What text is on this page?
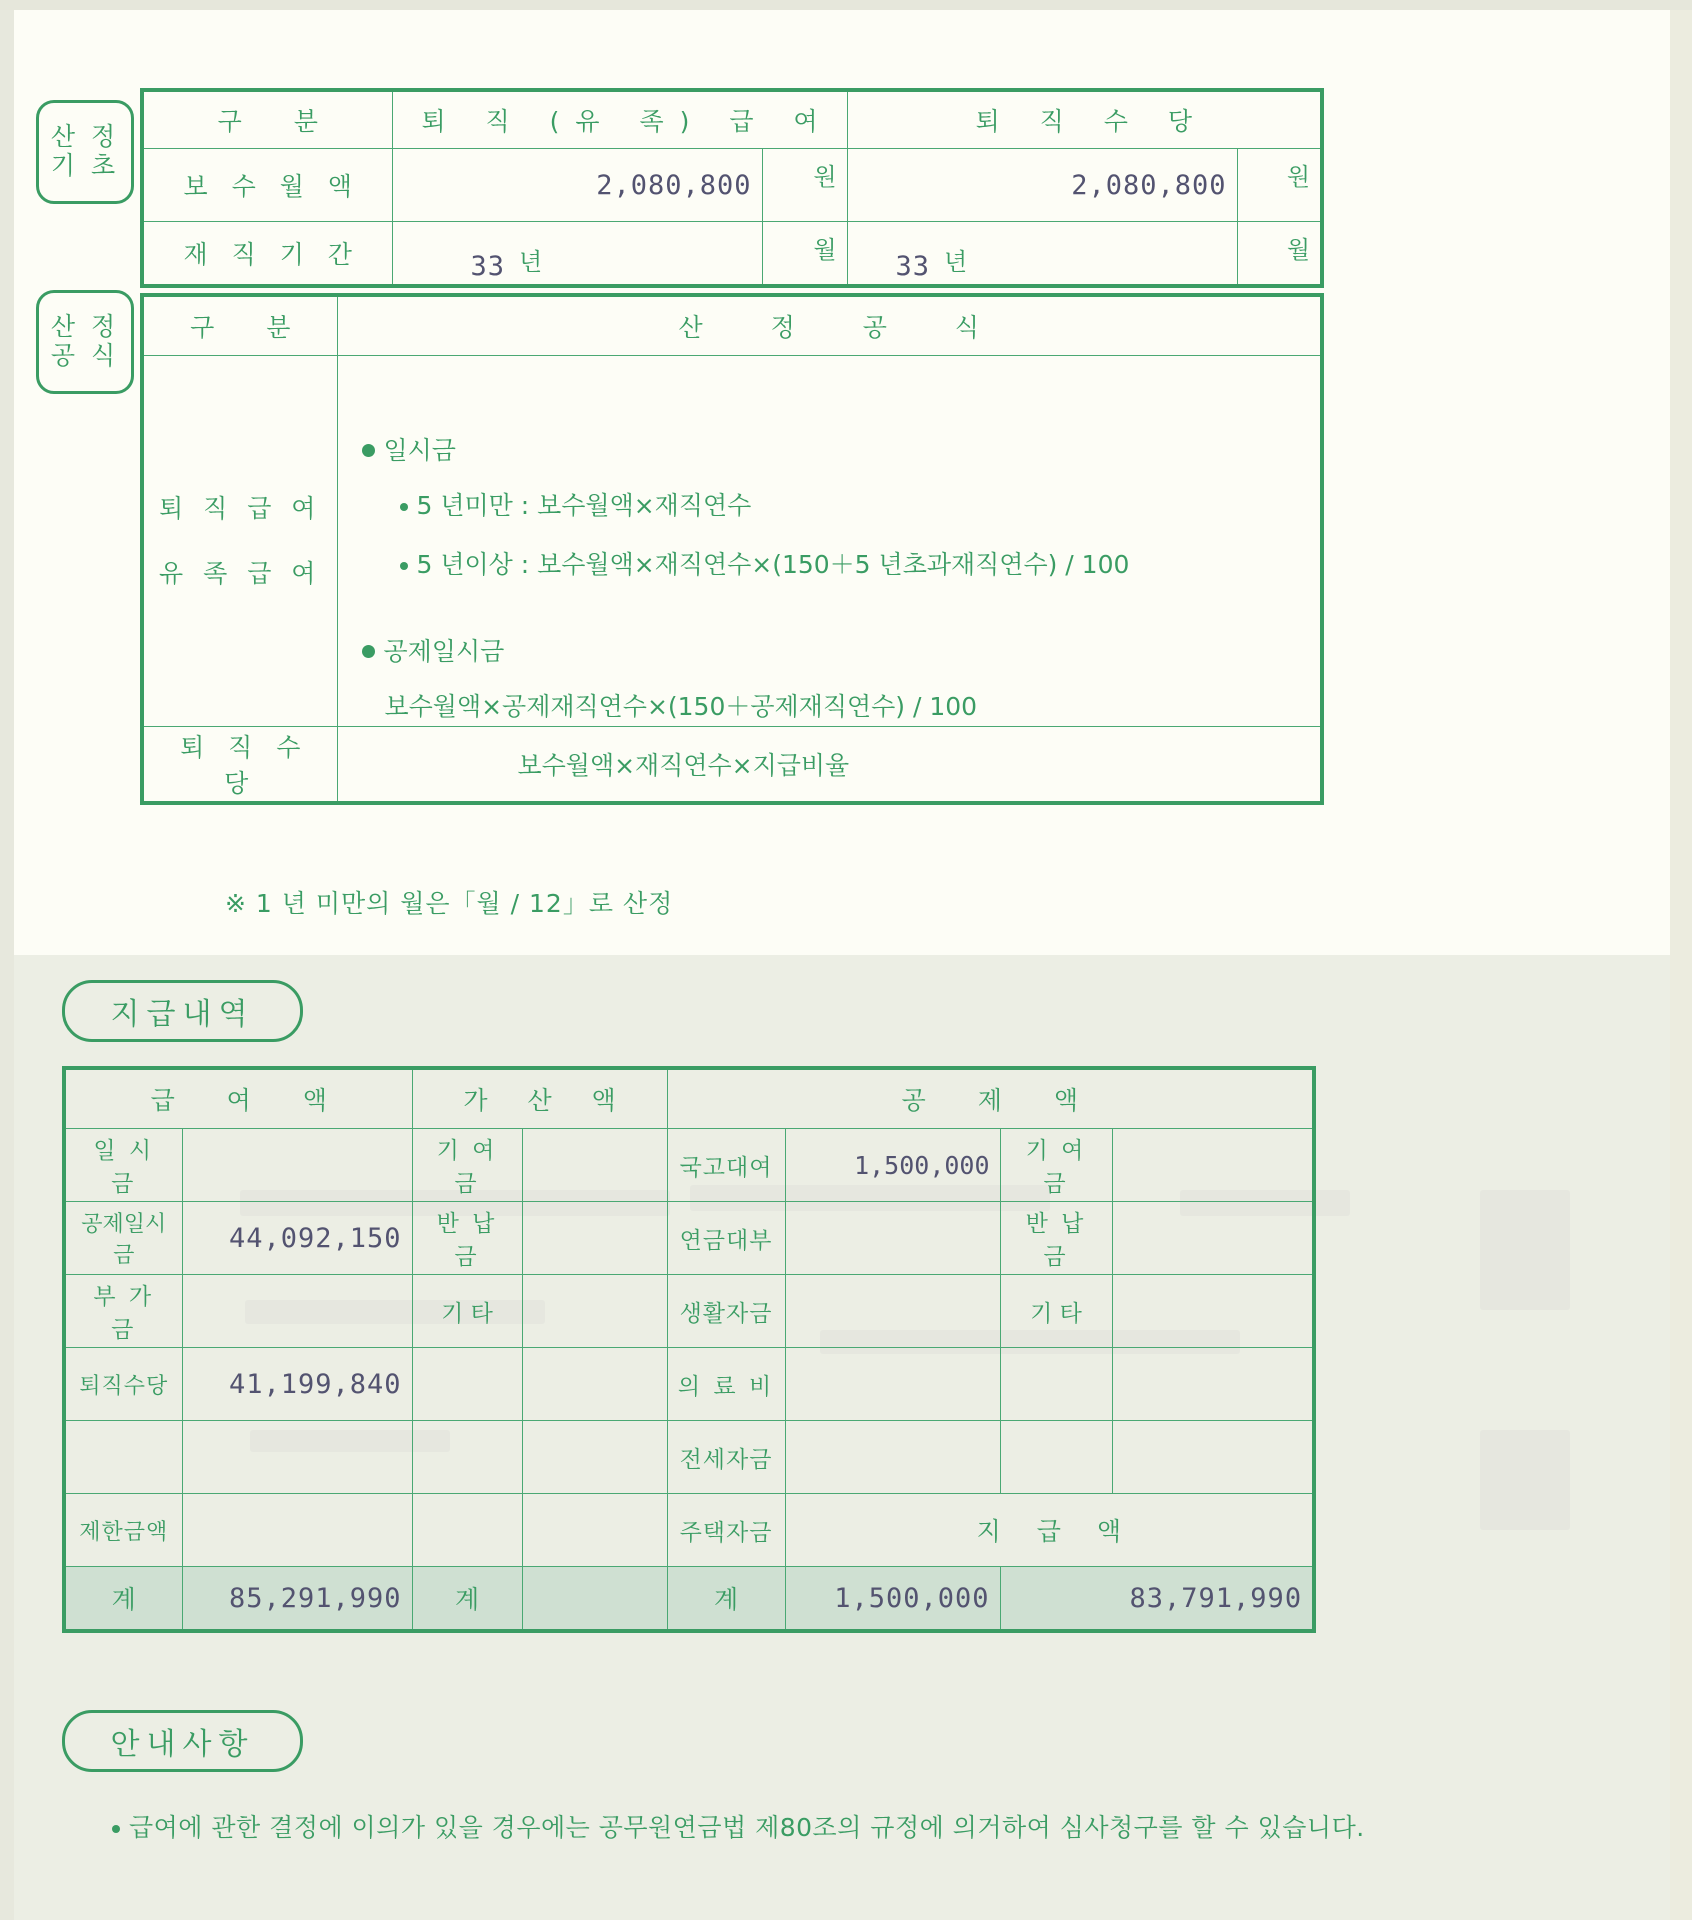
산 정
기 초
구 분	퇴 직 (유 족) 급 여		퇴 직 수 당	
보 수 월 액	2,080,800	원	2,080,800	원
재 직 기 간	33 년	월	33 년	월
산 정
공 식
구 분	산 정 공 식

퇴 직 급 여
유 족 급 여

일시금

5 년미만 : 보수월액×재직연수

5 년이상 : 보수월액×재직연수×(150＋5 년초과재직연수) / 100

공제일시금

보수월액×공제재직연수×(150＋공제재직연수) / 100

퇴 직 수 당	보수월액×재직연수×지급비율
※ 1 년 미만의 월은「월 / 12」로 산정
지급내역
급 여 액		가 산 액		공 제 액			
일 시 금		기 여 금		국고대여	1,500,000	기 여 금	
공제일시금	44,092,150	반 납 금		연금대부		반 납 금	
부 가 금		기 타		생활자금		기 타	
퇴직수당	41,199,840			의 료 비			
				전세자금			
제한금액				주택자금	지 급 액		
계	85,291,990	계		계	1,500,000	83,791,990	
안내사항
급여에 관한 결정에 이의가 있을 경우에는 공무원연금법 제80조의 규정에 의거하여 심사청구를 할 수 있습니다.
